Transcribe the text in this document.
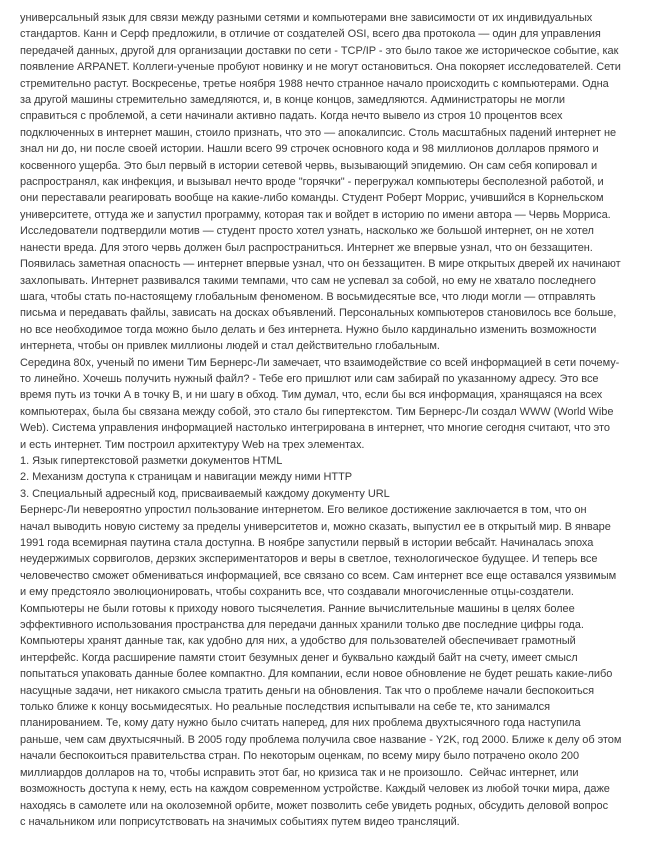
универсальный язык для связи между разными сетями и компьютерами вне зависимости от их индивидуальных
стандартов. Канн и Серф предложили, в отличие от создателей OSI, всего два протокола — один для управления
передачей данных, другой для организации доставки по сети - TCP/IP - это было такое же историческое событие, как
появление ARPANET. Коллеги-ученые пробуют новинку и не могут остановиться. Она покоряет исследователей. Сети
стремительно растут. Воскресенье, третье ноября 1988 нечто странное начало происходить с компьютерами. Одна
за другой машины стремительно замедляются, и, в конце концов, замедляются. Администраторы не могли
справиться с проблемой, а сети начинали активно падать. Когда нечто вывело из строя 10 процентов всех
подключенных в интернет машин, стоило признать, что это — апокалипсис. Столь масштабных падений интернет не
знал ни до, ни после своей истории. Нашли всего 99 строчек основного кода и 98 миллионов долларов прямого и
косвенного ущерба. Это был первый в истории сетевой червь, вызывающий эпидемию. Он сам себя копировал и
распространял, как инфекция, и вызывал нечто вроде "горячки" - перегружал компьютеры бесполезной работой, и
они переставали реагировать вообще на какие-либо команды. Студент Роберт Моррис, учившийся в Корнельском
университете, оттуда же и запустил программу, которая так и войдет в историю по имени автора — Червь Морриса.
Исследователи подтвердили мотив — студент просто хотел узнать, насколько же большой интернет, он не хотел
нанести вреда. Для этого червь должен был распространиться. Интернет же впервые узнал, что он беззащитен.
Появилась заметная опасность — интернет впервые узнал, что он беззащитен. В мире открытых дверей их начинают
захлопывать. Интернет развивался такими темпами, что сам не успевал за собой, но ему не хватало последнего
шага, чтобы стать по-настоящему глобальным феноменом. В восьмидесятые все, что люди могли — отправлять
письма и передавать файлы, зависать на досках объявлений. Персональных компьютеров становилось все больше,
но все необходимое тогда можно было делать и без интернета. Нужно было кардинально изменить возможности
интернета, чтобы он привлек миллионы людей и стал действительно глобальным.
Середина 80х, ученый по имени Тим Бернерс-Ли замечает, что взаимодействие со всей информацией в сети почему-
то линейно. Хочешь получить нужный файл? - Тебе его пришлют или сам забирай по указанному адресу. Это все
время путь из точки А в точку В, и ни шагу в обход. Тим думал, что, если бы вся информация, хранящаяся на всех
компьютерах, была бы связана между собой, это стало бы гипертекстом. Тим Бернерс-Ли создал WWW (World Wibe
Web). Система управления информацией настолько интегрирована в интернет, что многие сегодня считают, что это
и есть интернет. Тим построил архитектуру Web на трех элементах.
1. Язык гипертекстовой разметки документов HTML
2. Механизм доступа к страницам и навигации между ними HTTP
3. Специальный адресный код, присваиваемый каждому документу URL
Бернерс-Ли невероятно упростил пользование интернетом. Его великое достижение заключается в том, что он
начал выводить новую систему за пределы университетов и, можно сказать, выпустил ее в открытый мир. В январе
1991 года всемирная паутина стала доступна. В ноябре запустили первый в истории вебсайт. Начиналась эпоха
неудержимых сорвиголов, дерзких экспериментаторов и веры в светлое, технологическое будущее. И теперь все
человечество сможет обмениваться информацией, все связано со всем. Сам интернет все еще оставался уязвимым
и ему предстояло эволюционировать, чтобы сохранить все, что создавали многочисленные отцы-создатели.
Компьютеры не были готовы к приходу нового тысячелетия. Ранние вычислительные машины в целях более
эффективного использования пространства для передачи данных хранили только две последние цифры года.
Компьютеры хранят данные так, как удобно для них, а удобство для пользователей обеспечивает грамотный
интерфейс. Когда расширение памяти стоит безумных денег и буквально каждый байт на счету, имеет смысл
попытаться упаковать данные более компактно. Для компании, если новое обновление не будет решать какие-либо
насущные задачи, нет никакого смысла тратить деньги на обновления. Так что о проблеме начали беспокоиться
только ближе к концу восьмидесятых. Но реальные последствия испытывали на себе те, кто занимался
планированием. Те, кому дату нужно было считать наперед, для них проблема двухтысячного года наступила
раньше, чем сам двухтысячный. В 2005 году проблема получила свое название - Y2K, год 2000. Ближе к делу об этом
начали беспокоиться правительства стран. По некоторым оценкам, по всему миру было потрачено около 200
миллиардов долларов на то, чтобы исправить этот баг, но кризиса так и не произошло.  Сейчас интернет, или
возможность доступа к нему, есть на каждом современном устройстве. Каждый человек из любой точки мира, даже
находясь в самолете или на околоземной орбите, может позволить себе увидеть родных, обсудить деловой вопрос
с начальником или поприсутствовать на значимых событиях путем видео трансляций.
